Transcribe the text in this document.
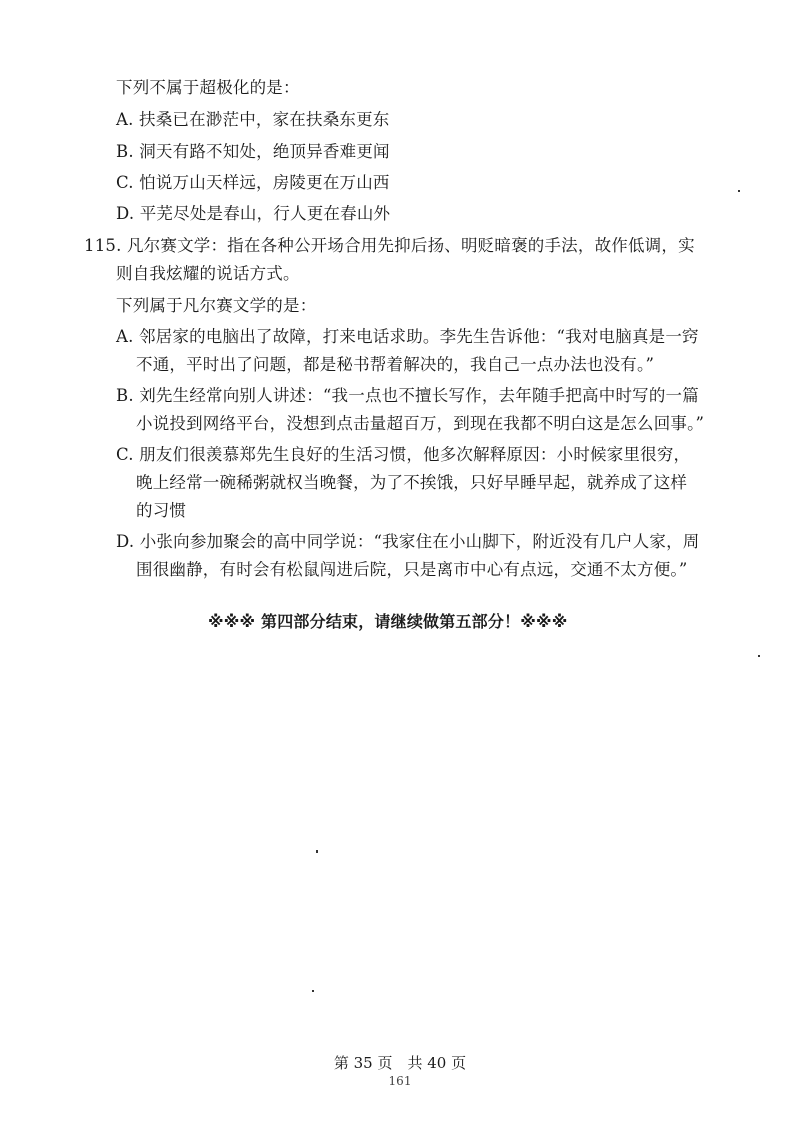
下列不属于超极化的是：
A. 扶桑已在渺茫中，家在扶桑东更东
B. 洞天有路不知处，绝顶异香难更闻
C. 怕说万山天样远，房陵更在万山西
D. 平芜尽处是春山，行人更在春山外
115. 凡尔赛文学：指在各种公开场合用先抑后扬、明贬暗褒的手法，故作低调，实
则自我炫耀的说话方式。
下列属于凡尔赛文学的是：
A. 邻居家的电脑出了故障，打来电话求助。李先生告诉他：“我对电脑真是一窍
不通，平时出了问题，都是秘书帮着解决的，我自己一点办法也没有。”
B. 刘先生经常向别人讲述：“我一点也不擅长写作，去年随手把高中时写的一篇
小说投到网络平台，没想到点击量超百万，到现在我都不明白这是怎么回事。”
C. 朋友们很羡慕郑先生良好的生活习惯，他多次解释原因：小时候家里很穷，
晚上经常一碗稀粥就权当晚餐，为了不挨饿，只好早睡早起，就养成了这样
的习惯
D. 小张向参加聚会的高中同学说：“我家住在小山脚下，附近没有几户人家，周
围很幽静，有时会有松鼠闯进后院，只是离市中心有点远，交通不太方便。”
※※※ 第四部分结束，请继续做第五部分！※※※
第 35 页　共 40 页
161
